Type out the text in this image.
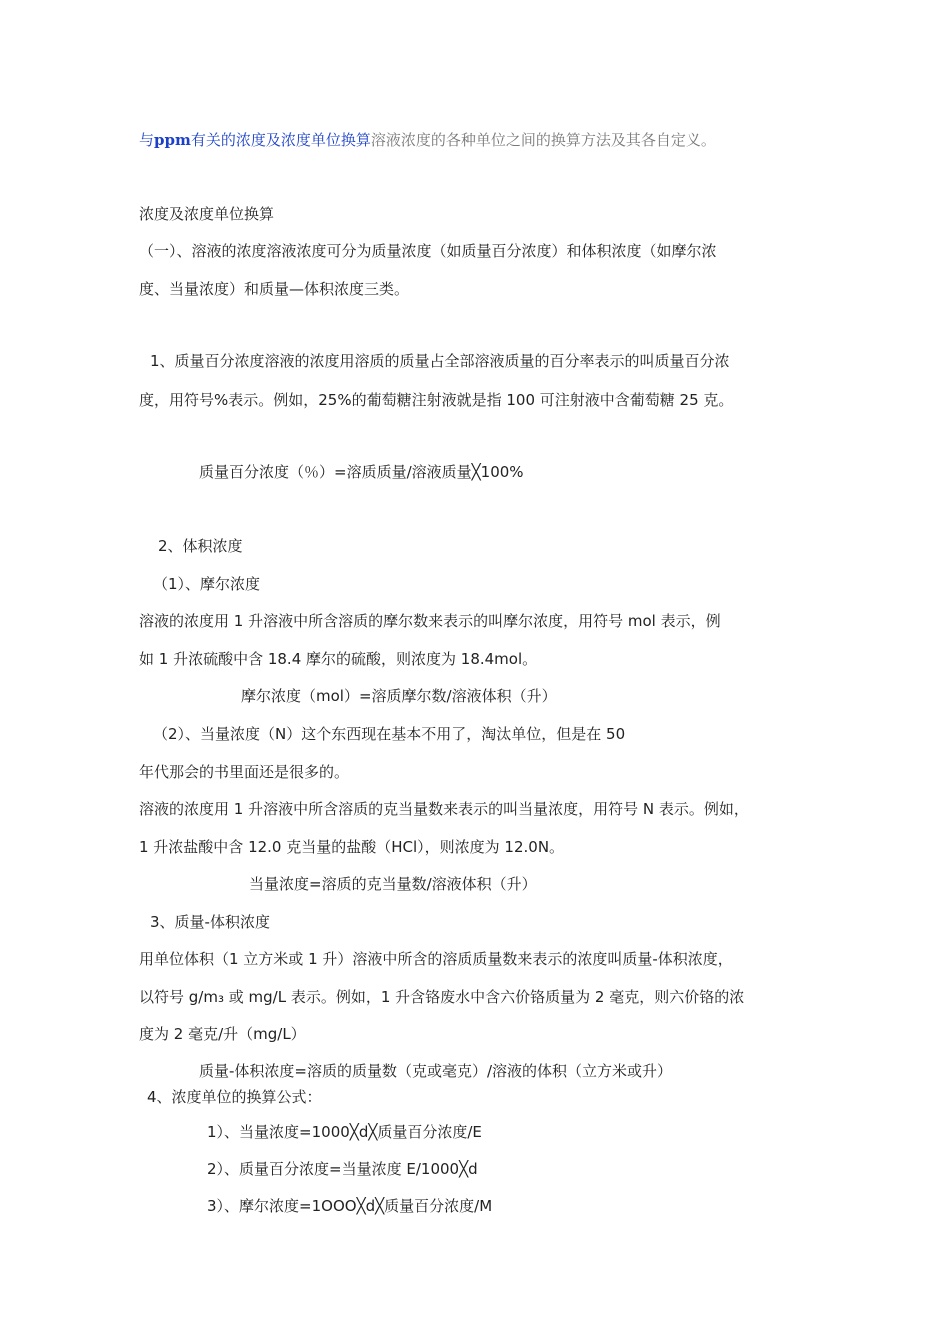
与ppm有关的浓度及浓度单位换算溶液浓度的各种单位之间的换算方法及其各自定义。
浓度及浓度单位换算
（一）、溶液的浓度溶液浓度可分为质量浓度（如质量百分浓度）和体积浓度（如摩尔浓
度、当量浓度）和质量—体积浓度三类。
1、质量百分浓度溶液的浓度用溶质的质量占全部溶液质量的百分率表示的叫质量百分浓
度，用符号%表示。例如，25%的葡萄糖注射液就是指 100 可注射液中含葡萄糖 25 克。
质量百分浓度（％）=溶质质量/溶液质量╳100%
2、体积浓度
（1）、摩尔浓度
溶液的浓度用 1 升溶液中所含溶质的摩尔数来表示的叫摩尔浓度，用符号 mol 表示，例
如 1 升浓硫酸中含 18.4 摩尔的硫酸，则浓度为 18.4mol。
摩尔浓度（mol）=溶质摩尔数/溶液体积（升）
（2）、当量浓度（N）这个东西现在基本不用了，淘汰单位，但是在 50
年代那会的书里面还是很多的。
溶液的浓度用 1 升溶液中所含溶质的克当量数来表示的叫当量浓度，用符号 N 表示。例如，
1 升浓盐酸中含 12.0 克当量的盐酸（HCl），则浓度为 12.0N。
当量浓度=溶质的克当量数/溶液体积（升）
3、质量-体积浓度
用单位体积（1 立方米或 1 升）溶液中所含的溶质质量数来表示的浓度叫质量-体积浓度，
以符号 g/m₃ 或 mg/L 表示。例如，1 升含铬废水中含六价铬质量为 2 毫克，则六价铬的浓
度为 2 毫克/升（mg/L）
质量-体积浓度=溶质的质量数（克或毫克）/溶液的体积（立方米或升）
4、浓度单位的换算公式：
1）、当量浓度=1000╳d╳质量百分浓度/E
2）、质量百分浓度=当量浓度 E/1000╳d
3）、摩尔浓度=1OOO╳d╳质量百分浓度/M
